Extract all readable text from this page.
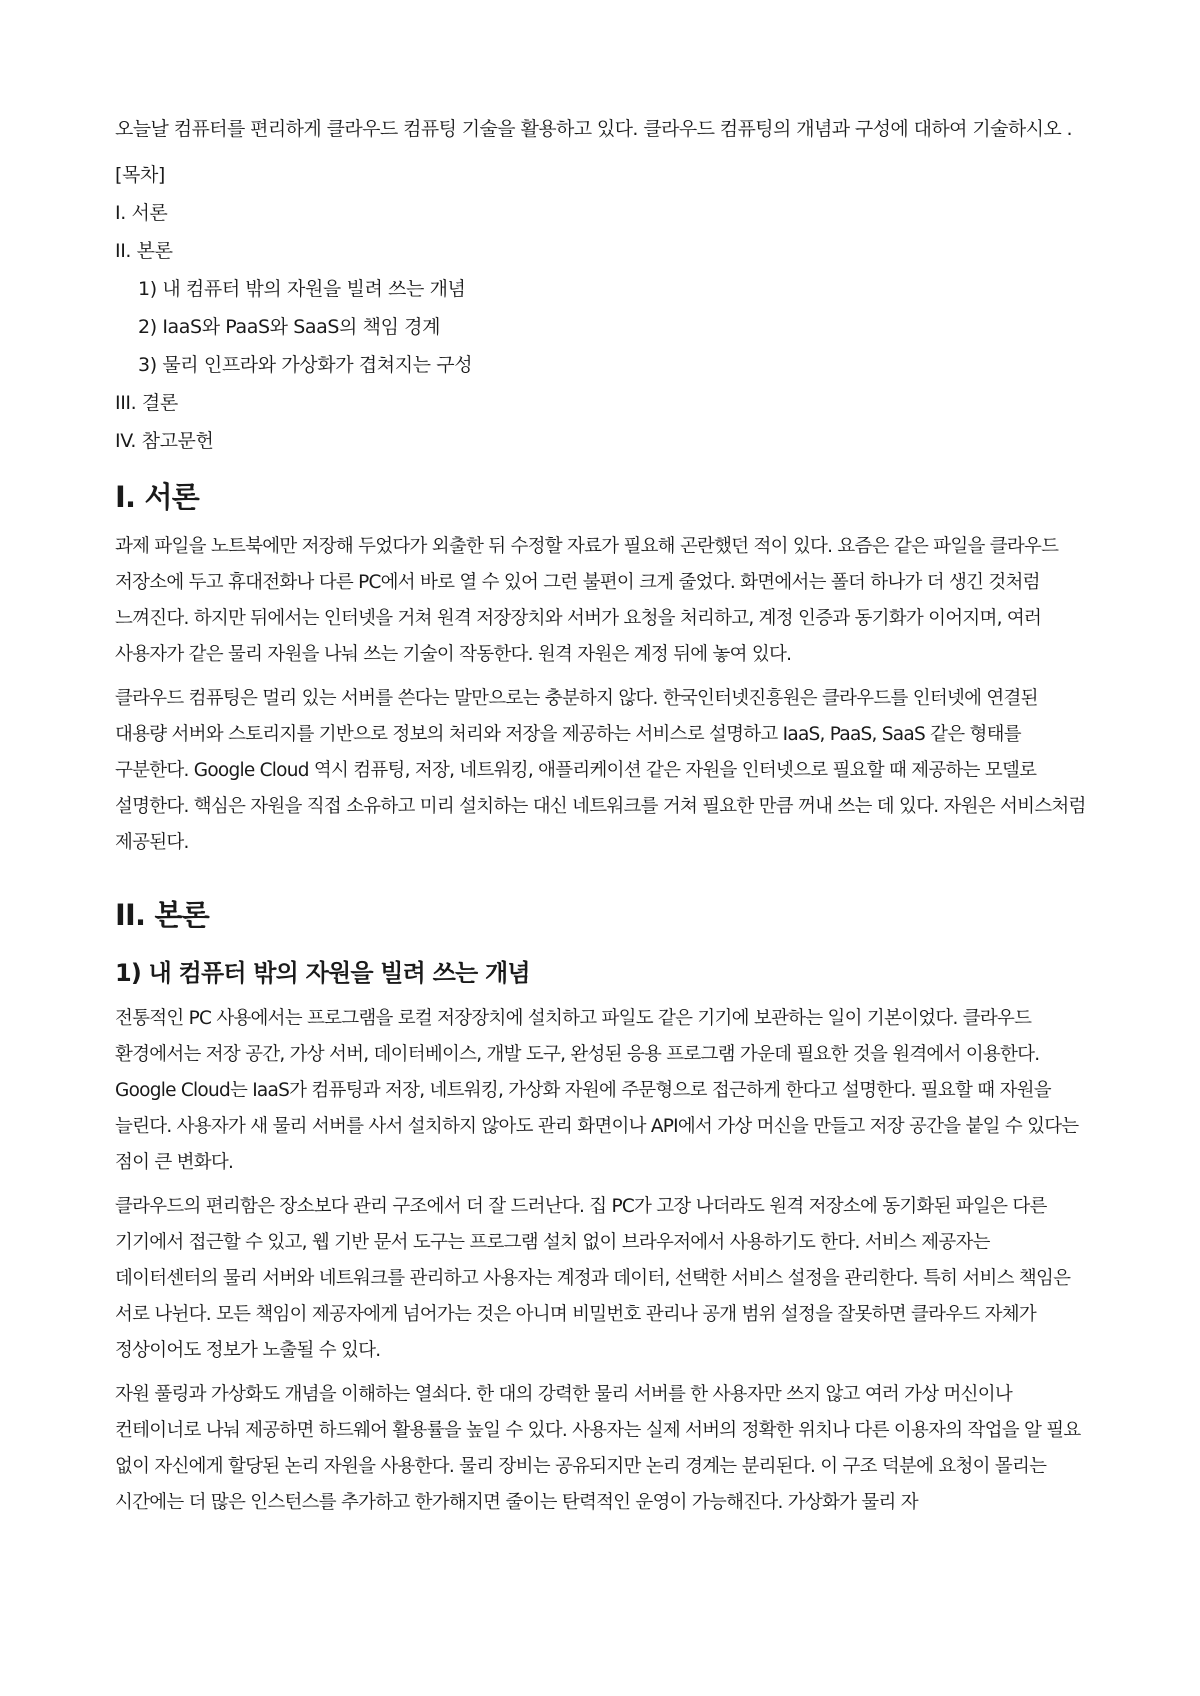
오늘날 컴퓨터를 편리하게 클라우드 컴퓨팅 기술을 활용하고 있다. 클라우드 컴퓨팅의 개념과 구성에 대하여 기술하시오 .

[목차]
I. 서론
II. 본론
1) 내 컴퓨터 밖의 자원을 빌려 쓰는 개념
2) IaaS와 PaaS와 SaaS의 책임 경계
3) 물리 인프라와 가상화가 겹쳐지는 구성
III. 결론
IV. 참고문헌
I. 서론

과제 파일을 노트북에만 저장해 두었다가 외출한 뒤 수정할 자료가 필요해 곤란했던 적이 있다. 요즘은 같은 파일을 클라우드 저장소에 두고 휴대전화나 다른 PC에서 바로 열 수 있어 그런 불편이 크게 줄었다. 화면에서는 폴더 하나가 더 생긴 것처럼 느껴진다. 하지만 뒤에서는 인터넷을 거쳐 원격 저장장치와 서버가 요청을 처리하고, 계정 인증과 동기화가 이어지며, 여러 사용자가 같은 물리 자원을 나눠 쓰는 기술이 작동한다. 원격 자원은 계정 뒤에 놓여 있다.

클라우드 컴퓨팅은 멀리 있는 서버를 쓴다는 말만으로는 충분하지 않다. 한국인터넷진흥원은 클라우드를 인터넷에 연결된 대용량 서버와 스토리지를 기반으로 정보의 처리와 저장을 제공하는 서비스로 설명하고 IaaS, PaaS, SaaS 같은 형태를 구분한다. Google Cloud 역시 컴퓨팅, 저장, 네트워킹, 애플리케이션 같은 자원을 인터넷으로 필요할 때 제공하는 모델로 설명한다. 핵심은 자원을 직접 소유하고 미리 설치하는 대신 네트워크를 거쳐 필요한 만큼 꺼내 쓰는 데 있다. 자원은 서비스처럼 제공된다.

II. 본론
1) 내 컴퓨터 밖의 자원을 빌려 쓰는 개념

전통적인 PC 사용에서는 프로그램을 로컬 저장장치에 설치하고 파일도 같은 기기에 보관하는 일이 기본이었다. 클라우드 환경에서는 저장 공간, 가상 서버, 데이터베이스, 개발 도구, 완성된 응용 프로그램 가운데 필요한 것을 원격에서 이용한다. Google Cloud는 IaaS가 컴퓨팅과 저장, 네트워킹, 가상화 자원에 주문형으로 접근하게 한다고 설명한다. 필요할 때 자원을 늘린다. 사용자가 새 물리 서버를 사서 설치하지 않아도 관리 화면이나 API에서 가상 머신을 만들고 저장 공간을 붙일 수 있다는 점이 큰 변화다.

클라우드의 편리함은 장소보다 관리 구조에서 더 잘 드러난다. 집 PC가 고장 나더라도 원격 저장소에 동기화된 파일은 다른 기기에서 접근할 수 있고, 웹 기반 문서 도구는 프로그램 설치 없이 브라우저에서 사용하기도 한다. 서비스 제공자는 데이터센터의 물리 서버와 네트워크를 관리하고 사용자는 계정과 데이터, 선택한 서비스 설정을 관리한다. 특히 서비스 책임은 서로 나뉜다. 모든 책임이 제공자에게 넘어가는 것은 아니며 비밀번호 관리나 공개 범위 설정을 잘못하면 클라우드 자체가 정상이어도 정보가 노출될 수 있다.

자원 풀링과 가상화도 개념을 이해하는 열쇠다. 한 대의 강력한 물리 서버를 한 사용자만 쓰지 않고 여러 가상 머신이나 컨테이너로 나눠 제공하면 하드웨어 활용률을 높일 수 있다. 사용자는 실제 서버의 정확한 위치나 다른 이용자의 작업을 알 필요 없이 자신에게 할당된 논리 자원을 사용한다. 물리 장비는 공유되지만 논리 경계는 분리된다. 이 구조 덕분에 요청이 몰리는 시간에는 더 많은 인스턴스를 추가하고 한가해지면 줄이는 탄력적인 운영이 가능해진다. 가상화가 물리 자
